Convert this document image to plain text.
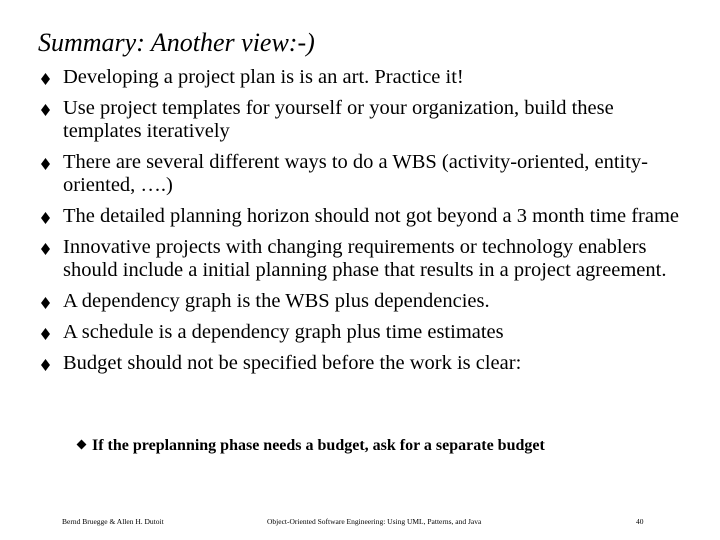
Summary: Another view:-)
Developing a project plan is is an art. Practice it!
Use project templates for yourself or your organization, build these templates iteratively
There are several different ways to do a WBS (activity-oriented, entity-oriented, ….)
The detailed planning horizon should not got beyond a 3 month time frame
Innovative projects with changing requirements or technology enablers should include a initial planning phase that results in a project agreement.
A dependency graph is the WBS plus dependencies.
A schedule is a dependency graph plus time estimates
Budget should not be specified before the work is clear:
If the preplanning phase needs a budget, ask for a separate budget
Bernd Bruegge & Allen H. Dutoit	Object-Oriented Software Engineering: Using UML, Patterns, and Java	40
